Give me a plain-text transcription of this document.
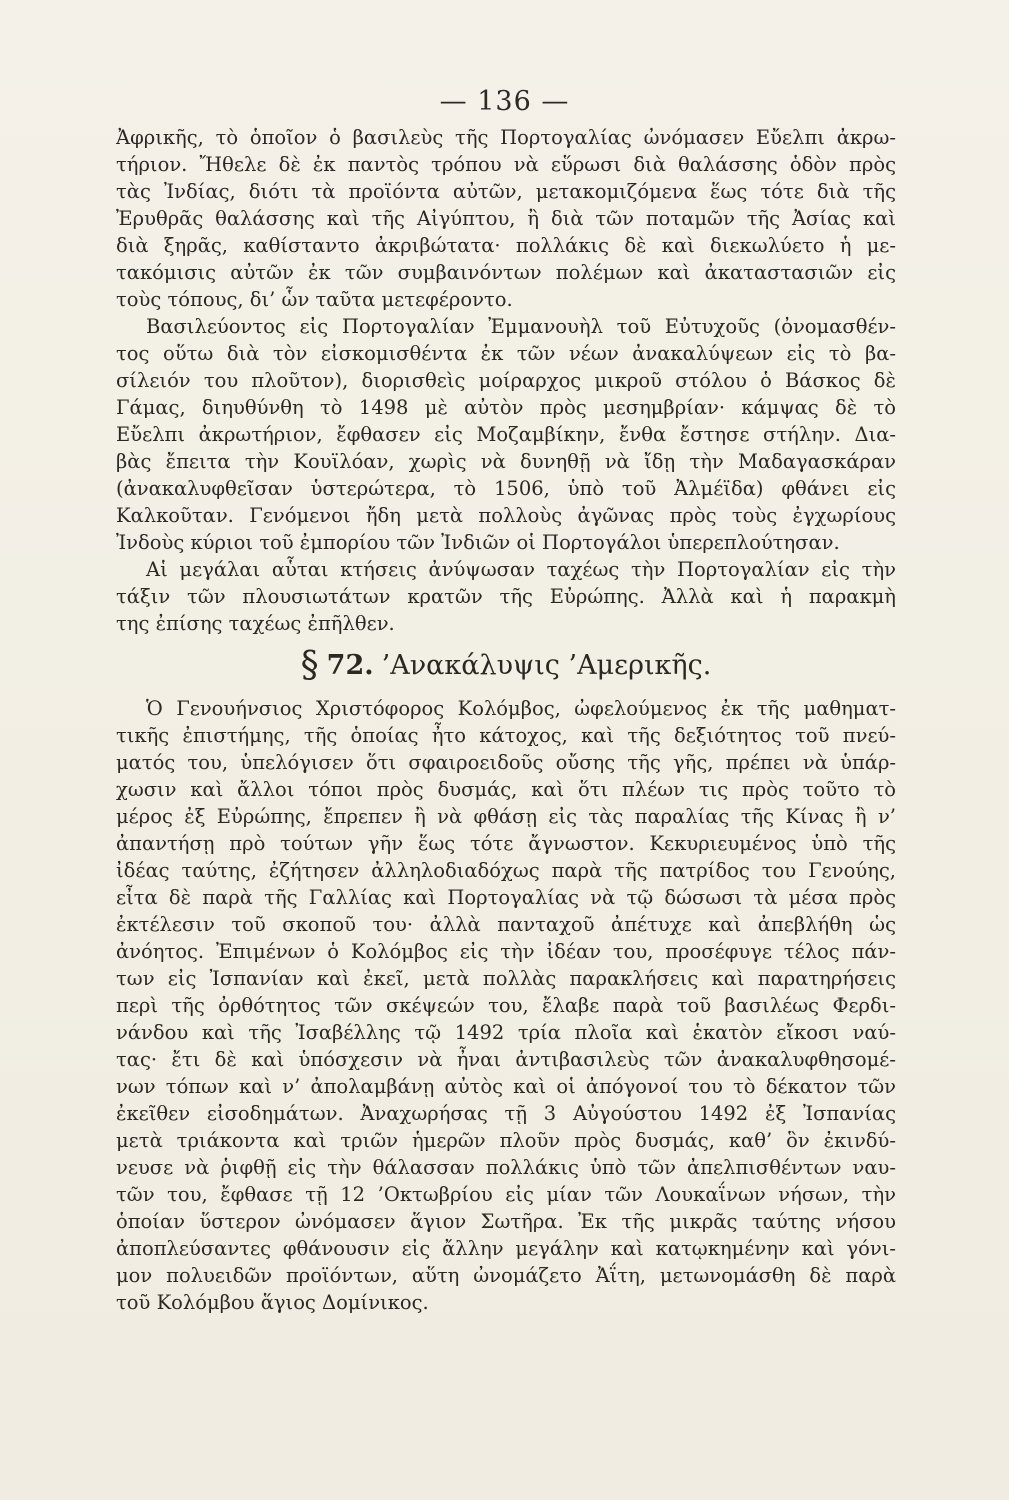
— 136 —
Ἀφρικῆς, τὸ ὁποῖον ὁ βασιλεὺς τῆς Πορτογαλίας ὠνόμασεν Εὔελπι ἀκρω-
τήριον. Ἤθελε δὲ ἐκ παντὸς τρόπου νὰ εὕρωσι διὰ θαλάσσης ὁδὸν πρὸς
τὰς Ἰνδίας, διότι τὰ προϊόντα αὐτῶν, μετακομιζόμενα ἕως τότε διὰ τῆς
Ἐρυθρᾶς θαλάσσης καὶ τῆς Αἰγύπτου, ἢ διὰ τῶν ποταμῶν τῆς Ἀσίας καὶ
διὰ ξηρᾶς, καθίσταντο ἀκριβώτατα· πολλάκις δὲ καὶ διεκωλύετο ἡ με-
τακόμισις αὐτῶν ἐκ τῶν συμβαινόντων πολέμων καὶ ἀκαταστασιῶν εἰς
τοὺς τόπους, δι’ ὧν ταῦτα μετεφέροντο.
Βασιλεύοντος εἰς Πορτογαλίαν Ἐμμανουὴλ τοῦ Εὐτυχοῦς (ὀνομασθέν-
τος οὕτω διὰ τὸν εἰσκομισθέντα ἐκ τῶν νέων ἀνακαλύψεων εἰς τὸ βα-
σίλειόν του πλοῦτον), διορισθεὶς μοίραρχος μικροῦ στόλου ὁ Βάσκος δὲ
Γάμας, διηυθύνθη τὸ 1498 μὲ αὐτὸν πρὸς μεσημβρίαν· κάμψας δὲ τὸ
Εὔελπι ἀκρωτήριον, ἔφθασεν εἰς Μοζαμβίκην, ἔνθα ἔστησε στήλην. Δια-
βὰς ἔπειτα τὴν Κουϊλόαν, χωρὶς νὰ δυνηθῇ νὰ ἴδῃ τὴν Μαδαγασκάραν
(ἀνακαλυφθεῖσαν ὑστερώτερα, τὸ 1506, ὑπὸ τοῦ Ἀλμέϊδα) φθάνει εἰς
Καλκοῦταν. Γενόμενοι ἤδη μετὰ πολλοὺς ἀγῶνας πρὸς τοὺς ἐγχωρίους
Ἰνδοὺς κύριοι τοῦ ἐμπορίου τῶν Ἰνδιῶν οἱ Πορτογάλοι ὑπερεπλούτησαν.
Αἱ μεγάλαι αὗται κτήσεις ἀνύψωσαν ταχέως τὴν Πορτογαλίαν εἰς τὴν
τάξιν τῶν πλουσιωτάτων κρατῶν τῆς Εὐρώπης. Ἀλλὰ καὶ ἡ παρακμὴ
της ἐπίσης ταχέως ἐπῆλθεν.
§ 72. ’Ανακάλυψις ’Αμερικῆς.
Ὁ Γενουήνσιος Χριστόφορος Κολόμβος, ὠφελούμενος ἐκ τῆς μαθηματ-
τικῆς ἐπιστήμης, τῆς ὁποίας ἦτο κάτοχος, καὶ τῆς δεξιότητος τοῦ πνεύ-
ματός του, ὑπελόγισεν ὅτι σφαιροειδοῦς οὔσης τῆς γῆς, πρέπει νὰ ὑπάρ-
χωσιν καὶ ἄλλοι τόποι πρὸς δυσμάς, καὶ ὅτι πλέων τις πρὸς τοῦτο τὸ
μέρος ἐξ Εὐρώπης, ἔπρεπεν ἢ νὰ φθάσῃ εἰς τὰς παραλίας τῆς Κίνας ἢ ν’
ἀπαντήσῃ πρὸ τούτων γῆν ἕως τότε ἄγνωστον. Κεκυριευμένος ὑπὸ τῆς
ἰδέας ταύτης, ἐζήτησεν ἀλληλοδιαδόχως παρὰ τῆς πατρίδος του Γενούης,
εἶτα δὲ παρὰ τῆς Γαλλίας καὶ Πορτογαλίας νὰ τῷ δώσωσι τὰ μέσα πρὸς
ἐκτέλεσιν τοῦ σκοποῦ του· ἀλλὰ πανταχοῦ ἀπέτυχε καὶ ἀπεβλήθη ὡς
ἀνόητος. Ἐπιμένων ὁ Κολόμβος εἰς τὴν ἰδέαν του, προσέφυγε τέλος πάν-
των εἰς Ἰσπανίαν καὶ ἐκεῖ, μετὰ πολλὰς παρακλήσεις καὶ παρατηρήσεις
περὶ τῆς ὀρθότητος τῶν σκέψεών του, ἔλαβε παρὰ τοῦ βασιλέως Φερδι-
νάνδου καὶ τῆς Ἰσαβέλλης τῷ 1492 τρία πλοῖα καὶ ἑκατὸν εἴκοσι ναύ-
τας· ἔτι δὲ καὶ ὑπόσχεσιν νὰ ἦναι ἀντιβασιλεὺς τῶν ἀνακαλυφθησομέ-
νων τόπων καὶ ν’ ἀπολαμβάνῃ αὐτὸς καὶ οἱ ἀπόγονοί του τὸ δέκατον τῶν
ἐκεῖθεν εἰσοδημάτων. Ἀναχωρήσας τῇ 3 Αὐγούστου 1492 ἐξ Ἰσπανίας
μετὰ τριάκοντα καὶ τριῶν ἡμερῶν πλοῦν πρὸς δυσμάς, καθ’ ὃν ἐκινδύ-
νευσε νὰ ῥιφθῇ εἰς τὴν θάλασσαν πολλάκις ὑπὸ τῶν ἀπελπισθέντων ναυ-
τῶν του, ἔφθασε τῇ 12 ’Οκτωβρίου εἰς μίαν τῶν Λουκαΐνων νήσων, τὴν
ὁποίαν ὕστερον ὠνόμασεν ἅγιον Σωτῆρα. Ἐκ τῆς μικρᾶς ταύτης νήσου
ἀποπλεύσαντες φθάνουσιν εἰς ἄλλην μεγάλην καὶ κατῳκημένην καὶ γόνι-
μον πολυειδῶν προϊόντων, αὕτη ὠνομάζετο Ἀΐτη, μετωνομάσθη δὲ παρὰ
τοῦ Κολόμβου ἅγιος Δομίνικος.
